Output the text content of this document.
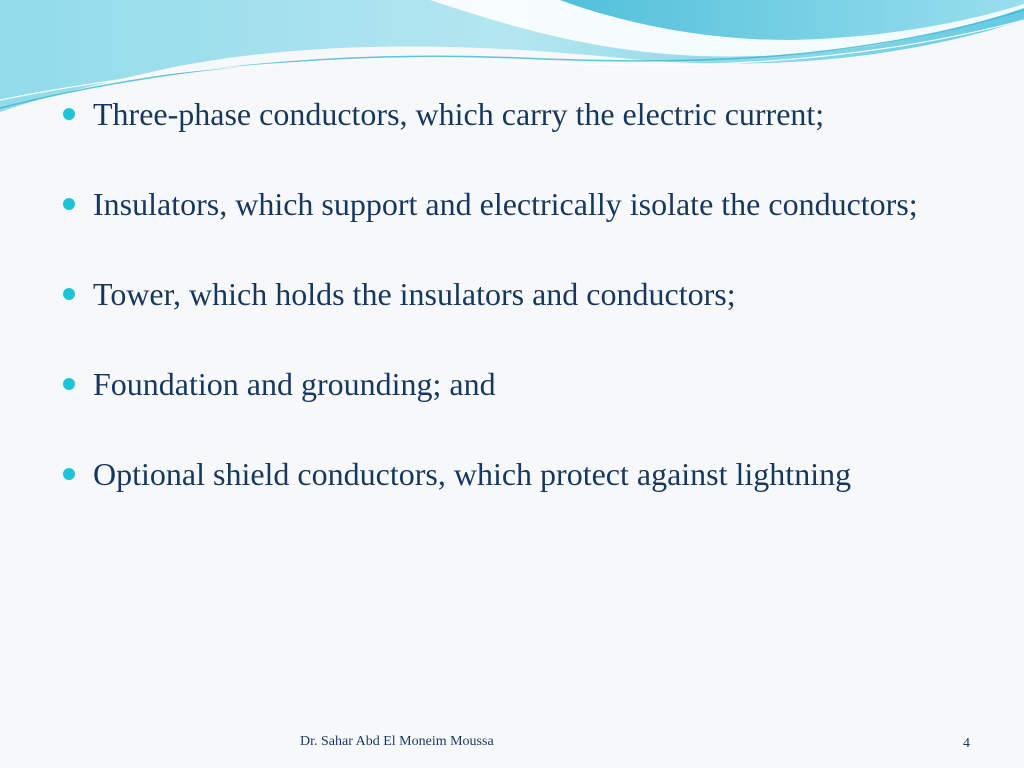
Three-phase conductors, which carry the electric current;
Insulators, which support and electrically isolate the conductors;
Tower, which holds the insulators and conductors;
Foundation and grounding; and
Optional shield conductors, which protect against lightning
Dr. Sahar Abd El Moneim Moussa	4
